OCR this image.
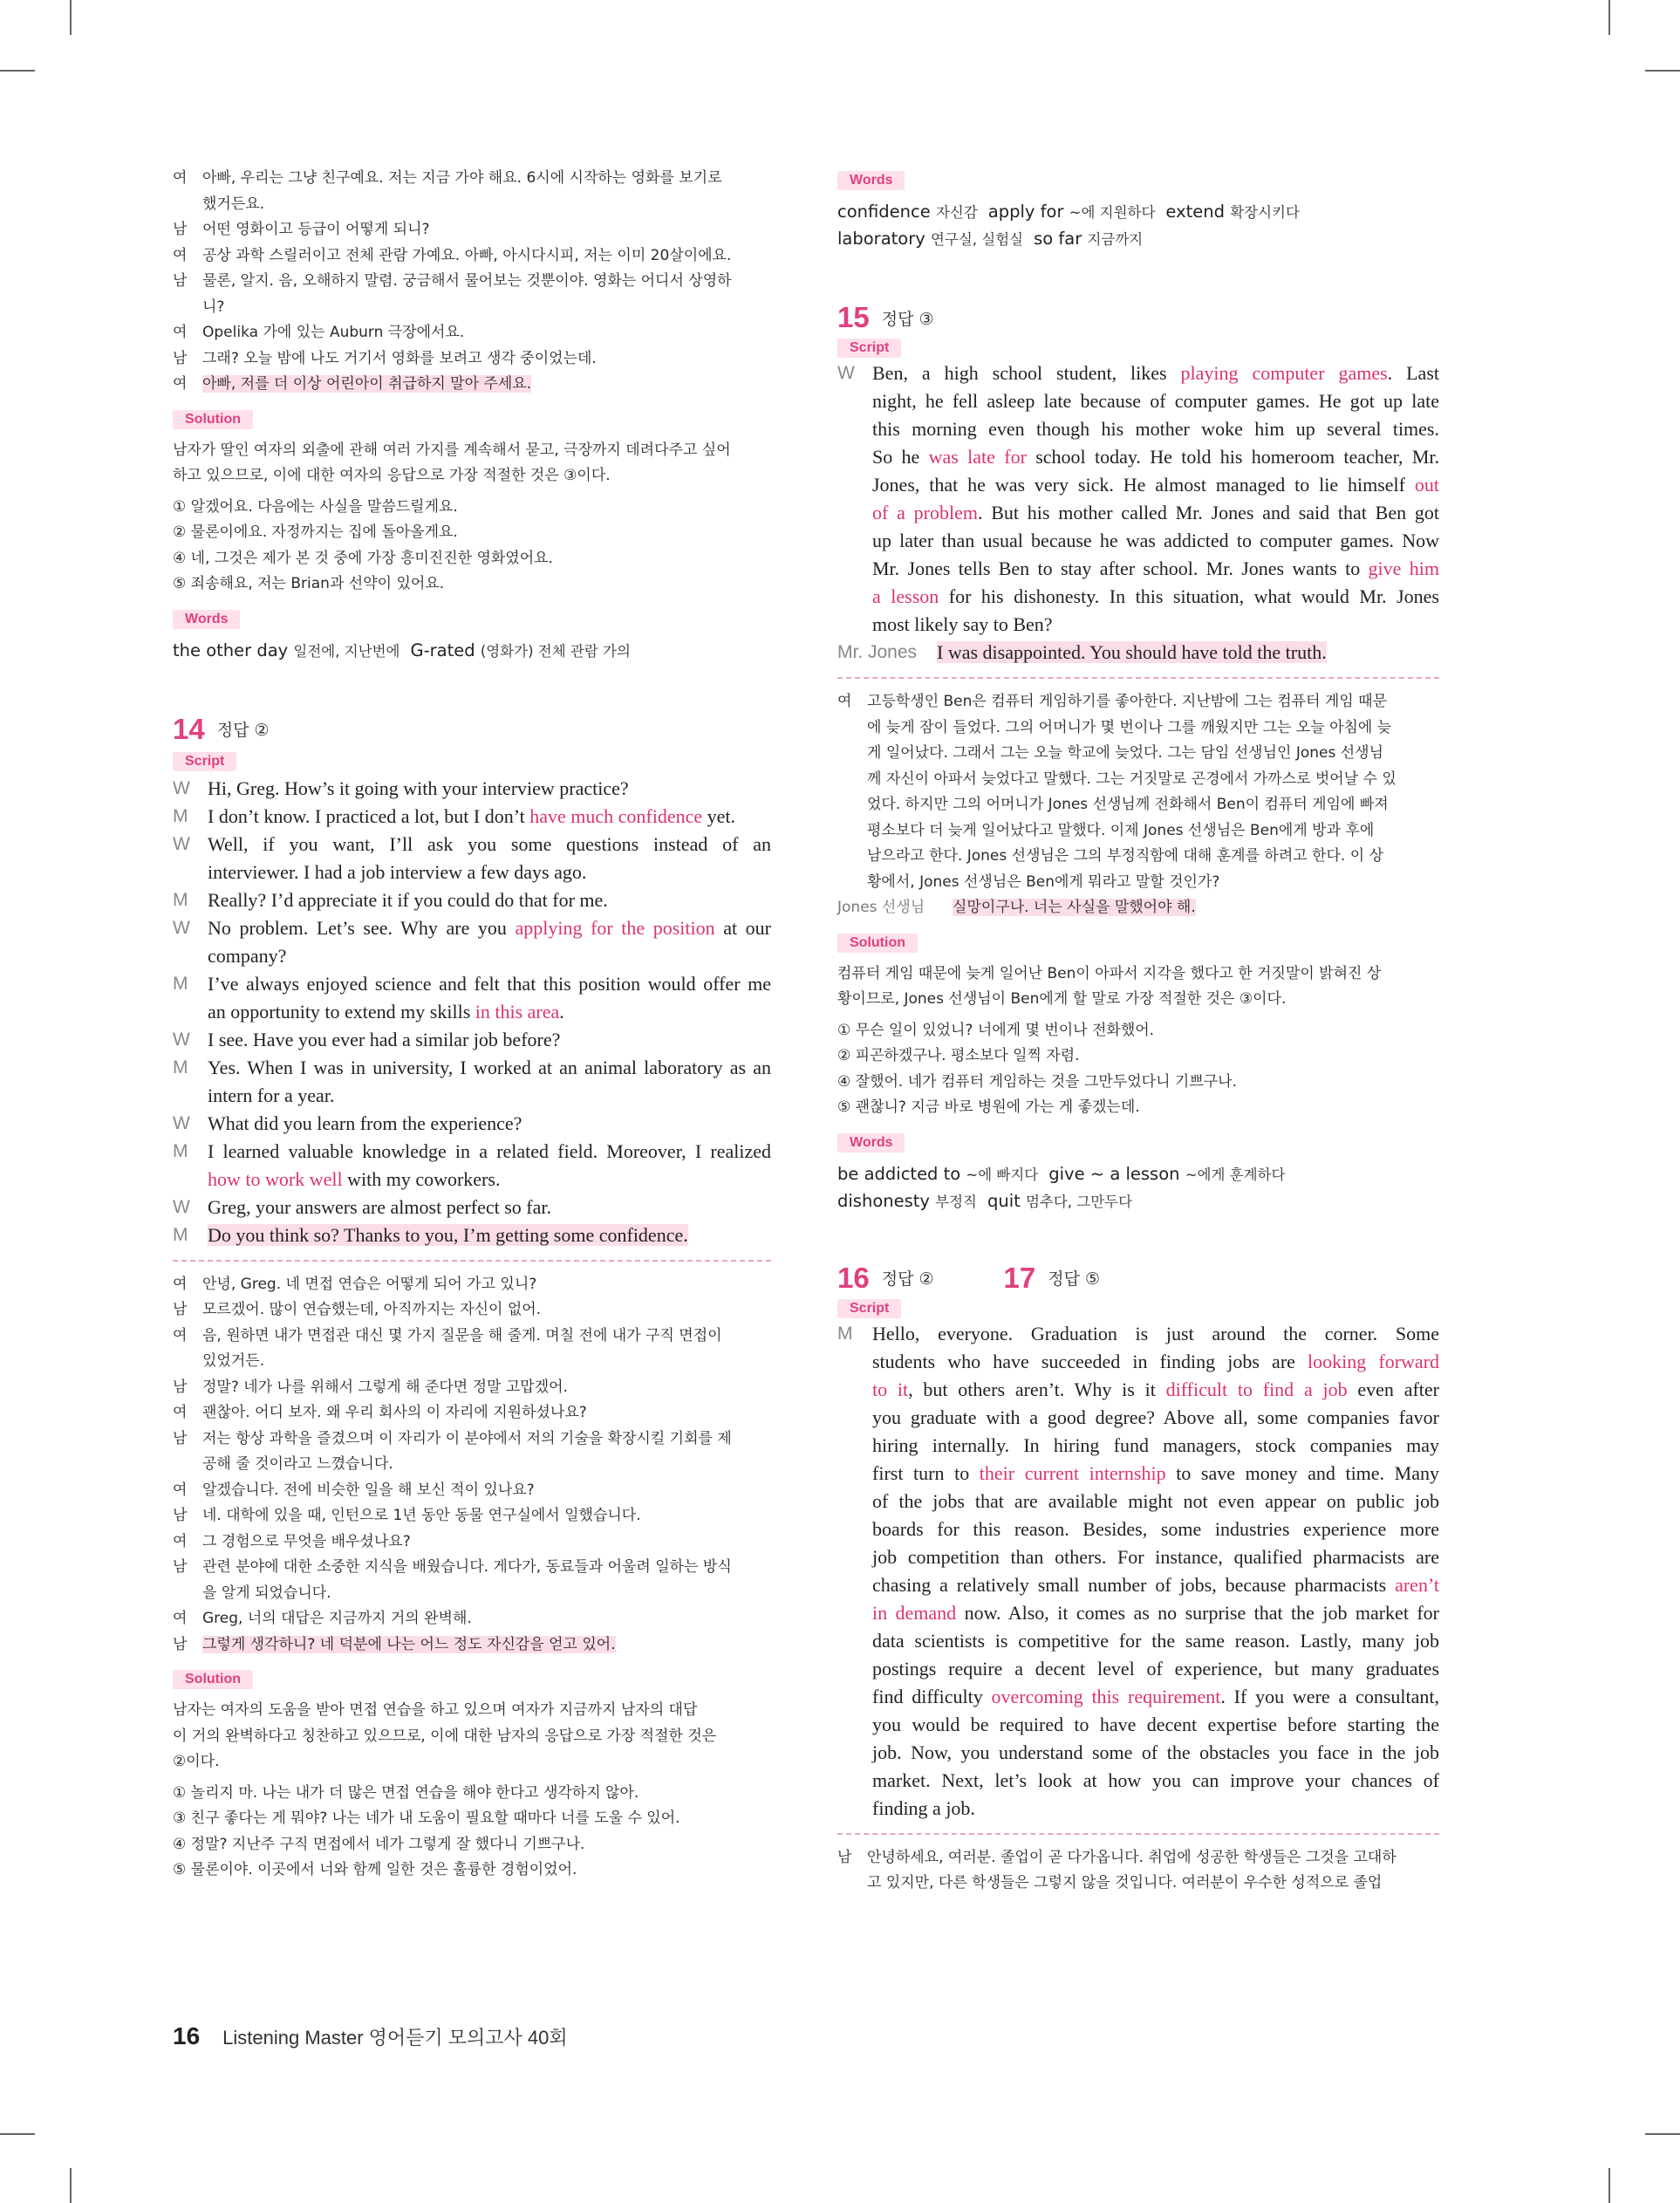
여	아빠, 우리는 그냥 친구예요. 저는 지금 가야 해요. 6시에 시작하는 영화를 보기로
했거든요.
남	어떤 영화이고 등급이 어떻게 되니?
여	공상 과학 스릴러이고 전체 관람 가예요. 아빠, 아시다시피, 저는 이미 20살이에요.
남	물론, 알지. 음, 오해하지 말렴. 궁금해서 물어보는 것뿐이야. 영화는 어디서 상영하
니?
여	Opelika 가에 있는 Auburn 극장에서요.
남	그래? 오늘 밤에 나도 거기서 영화를 보려고 생각 중이었는데.
여	아빠, 저를 더 이상 어린아이 취급하지 말아 주세요.
Solution
남자가 딸인 여자의 외출에 관해 여러 가지를 계속해서 묻고, 극장까지 데려다주고 싶어
하고 있으므로, 이에 대한 여자의 응답으로 가장 적절한 것은 ③이다.
① 알겠어요. 다음에는 사실을 말씀드릴게요.
② 물론이에요. 자정까지는 집에 돌아올게요.
④ 네, 그것은 제가 본 것 중에 가장 흥미진진한 영화였어요.
⑤ 죄송해요, 저는 Brian과 선약이 있어요.
Words
the other day 일전에, 지난번에 G-rated (영화가) 전체 관람 가의
14 정답 ②
Script
W Hi, Greg. How’s it going with your interview practice?
M	I don’t know. I practiced a lot, but I don’t have much confidence yet.
W Well, if you want, I’ll ask you some questions instead of an
interviewer. I had a job interview a few days ago.
M	Really? I’d appreciate it if you could do that for me.
W No problem. Let’s see. Why are you applying for the position at our
company?
M	I’ve always enjoyed science and felt that this position would offer me
an opportunity to extend my skills in this area.
W I see. Have you ever had a similar job before?
M	Yes. When I was in university, I worked at an animal laboratory as an
intern for a year.
W What did you learn from the experience?
M	I learned valuable knowledge in a related field. Moreover, I realized
how to work well with my coworkers.
W Greg, your answers are almost perfect so far.
M	Do you think so? Thanks to you, I’m getting some confidence.
여	안녕, Greg. 네 면접 연습은 어떻게 되어 가고 있니?
남	모르겠어. 많이 연습했는데, 아직까지는 자신이 없어.
여	음, 원하면 내가 면접관 대신 몇 가지 질문을 해 줄게. 며칠 전에 내가 구직 면접이
있었거든.
남	정말? 네가 나를 위해서 그렇게 해 준다면 정말 고맙겠어.
여	괜찮아. 어디 보자. 왜 우리 회사의 이 자리에 지원하셨나요?
남	저는 항상 과학을 즐겼으며 이 자리가 이 분야에서 저의 기술을 확장시킬 기회를 제
공해 줄 것이라고 느꼈습니다.
여	알겠습니다. 전에 비슷한 일을 해 보신 적이 있나요?
남	네. 대학에 있을 때, 인턴으로 1년 동안 동물 연구실에서 일했습니다.
여	그 경험으로 무엇을 배우셨나요?
남	관련 분야에 대한 소중한 지식을 배웠습니다. 게다가, 동료들과 어울려 일하는 방식
을 알게 되었습니다.
여	Greg, 너의 대답은 지금까지 거의 완벽해.
남	그렇게 생각하니? 네 덕분에 나는 어느 정도 자신감을 얻고 있어.
Solution
남자는 여자의 도움을 받아 면접 연습을 하고 있으며 여자가 지금까지 남자의 대답
이 거의 완벽하다고 칭찬하고 있으므로, 이에 대한 남자의 응답으로 가장 적절한 것은
②이다.
① 놀리지 마. 나는 내가 더 많은 면접 연습을 해야 한다고 생각하지 않아.
③ 친구 좋다는 게 뭐야? 나는 네가 내 도움이 필요할 때마다 너를 도울 수 있어.
④ 정말? 지난주 구직 면접에서 네가 그렇게 잘 했다니 기쁘구나.
⑤ 물론이야. 이곳에서 너와 함께 일한 것은 훌륭한 경험이었어.
Words
confidence 자신감 apply for ~에 지원하다 extend 확장시키다
laboratory 연구실, 실험실 so far 지금까지
15 정답 ③
Script
W Ben, a high school student, likes playing computer games. Last
night, he fell asleep late because of computer games. He got up late
this morning even though his mother woke him up several times.
So he was late for school today. He told his homeroom teacher, Mr.
Jones, that he was very sick. He almost managed to lie himself out
of a problem. But his mother called Mr. Jones and said that Ben got
up later than usual because he was addicted to computer games. Now
Mr. Jones tells Ben to stay after school. Mr. Jones wants to give him
a lesson for his dishonesty. In this situation, what would Mr. Jones
most likely say to Ben?
Mr. Jones	I was disappointed. You should have told the truth.
여	고등학생인 Ben은 컴퓨터 게임하기를 좋아한다. 지난밤에 그는 컴퓨터 게임 때문
에 늦게 잠이 들었다. 그의 어머니가 몇 번이나 그를 깨웠지만 그는 오늘 아침에 늦
게 일어났다. 그래서 그는 오늘 학교에 늦었다. 그는 담임 선생님인 Jones 선생님
께 자신이 아파서 늦었다고 말했다. 그는 거짓말로 곤경에서 가까스로 벗어날 수 있
었다. 하지만 그의 어머니가 Jones 선생님께 전화해서 Ben이 컴퓨터 게임에 빠져
평소보다 더 늦게 일어났다고 말했다. 이제 Jones 선생님은 Ben에게 방과 후에
남으라고 한다. Jones 선생님은 그의 부정직함에 대해 훈계를 하려고 한다. 이 상
황에서, Jones 선생님은 Ben에게 뭐라고 말할 것인가?
Jones 선생님	실망이구나. 너는 사실을 말했어야 해.
Solution
컴퓨터 게임 때문에 늦게 일어난 Ben이 아파서 지각을 했다고 한 거짓말이 밝혀진 상
황이므로, Jones 선생님이 Ben에게 할 말로 가장 적절한 것은 ③이다.
① 무슨 일이 있었니? 너에게 몇 번이나 전화했어.
② 피곤하겠구나. 평소보다 일찍 자렴.
④ 잘했어. 네가 컴퓨터 게임하는 것을 그만두었다니 기쁘구나.
⑤ 괜찮니? 지금 바로 병원에 가는 게 좋겠는데.
Words
be addicted to ~에 빠지다 give ~ a lesson ~에게 훈계하다
dishonesty 부정직 quit 멈추다, 그만두다
16 정답 ② 17 정답 ⑤
Script
M	Hello, everyone. Graduation is just around the corner. Some
students who have succeeded in finding jobs are looking forward
to it, but others aren’t. Why is it difficult to find a job even after
you graduate with a good degree? Above all, some companies favor
hiring internally. In hiring fund managers, stock companies may
first turn to their current internship to save money and time. Many
of the jobs that are available might not even appear on public job
boards for this reason. Besides, some industries experience more
job competition than others. For instance, qualified pharmacists are
chasing a relatively small number of jobs, because pharmacists aren’t
in demand now. Also, it comes as no surprise that the job market for
data scientists is competitive for the same reason. Lastly, many job
postings require a decent level of experience, but many graduates
find difficulty overcoming this requirement. If you were a consultant,
you would be required to have decent expertise before starting the
job. Now, you understand some of the obstacles you face in the job
market. Next, let’s look at how you can improve your chances of
finding a job.
남	안녕하세요, 여러분. 졸업이 곧 다가옵니다. 취업에 성공한 학생들은 그것을 고대하
고 있지만, 다른 학생들은 그렇지 않을 것입니다. 여러분이 우수한 성적으로 졸업
16 Listening Master 영어듣기 모의고사 40회
